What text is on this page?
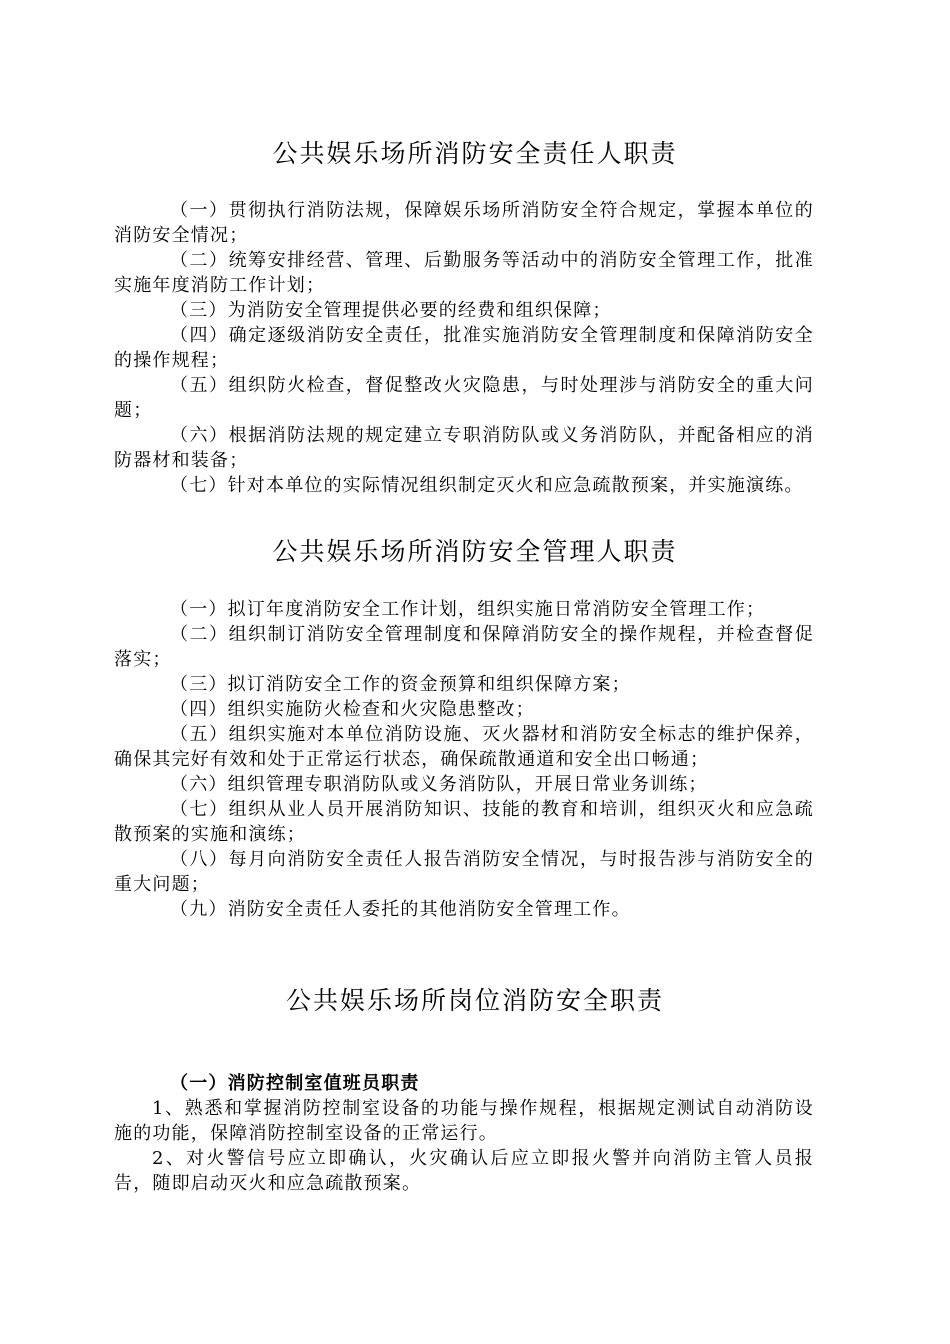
公共娱乐场所消防安全责任人职责

（一）贯彻执行消防法规，保障娱乐场所消防安全符合规定，掌握本单位的消防安全情况；

（二）统筹安排经营、管理、后勤服务等活动中的消防安全管理工作，批准实施年度消防工作计划；

（三）为消防安全管理提供必要的经费和组织保障；

（四）确定逐级消防安全责任，批准实施消防安全管理制度和保障消防安全的操作规程；

（五）组织防火检查，督促整改火灾隐患，与时处理涉与消防安全的重大问题；

（六）根据消防法规的规定建立专职消防队或义务消防队，并配备相应的消防器材和装备；

（七）针对本单位的实际情况组织制定灭火和应急疏散预案，并实施演练。

公共娱乐场所消防安全管理人职责

（一）拟订年度消防安全工作计划，组织实施日常消防安全管理工作；

（二）组织制订消防安全管理制度和保障消防安全的操作规程，并检查督促落实；

（三）拟订消防安全工作的资金预算和组织保障方案；

（四）组织实施防火检查和火灾隐患整改；

（五）组织实施对本单位消防设施、灭火器材和消防安全标志的维护保养，确保其完好有效和处于正常运行状态，确保疏散通道和安全出口畅通；

（六）组织管理专职消防队或义务消防队，开展日常业务训练；

（七）组织从业人员开展消防知识、技能的教育和培训，组织灭火和应急疏散预案的实施和演练；

（八）每月向消防安全责任人报告消防安全情况，与时报告涉与消防安全的重大问题；

（九）消防安全责任人委托的其他消防安全管理工作。

公共娱乐场所岗位消防安全职责

（一）消防控制室值班员职责

1、熟悉和掌握消防控制室设备的功能与操作规程，根据规定测试自动消防设施的功能，保障消防控制室设备的正常运行。

2、对火警信号应立即确认，火灾确认后应立即报火警并向消防主管人员报告，随即启动灭火和应急疏散预案。
